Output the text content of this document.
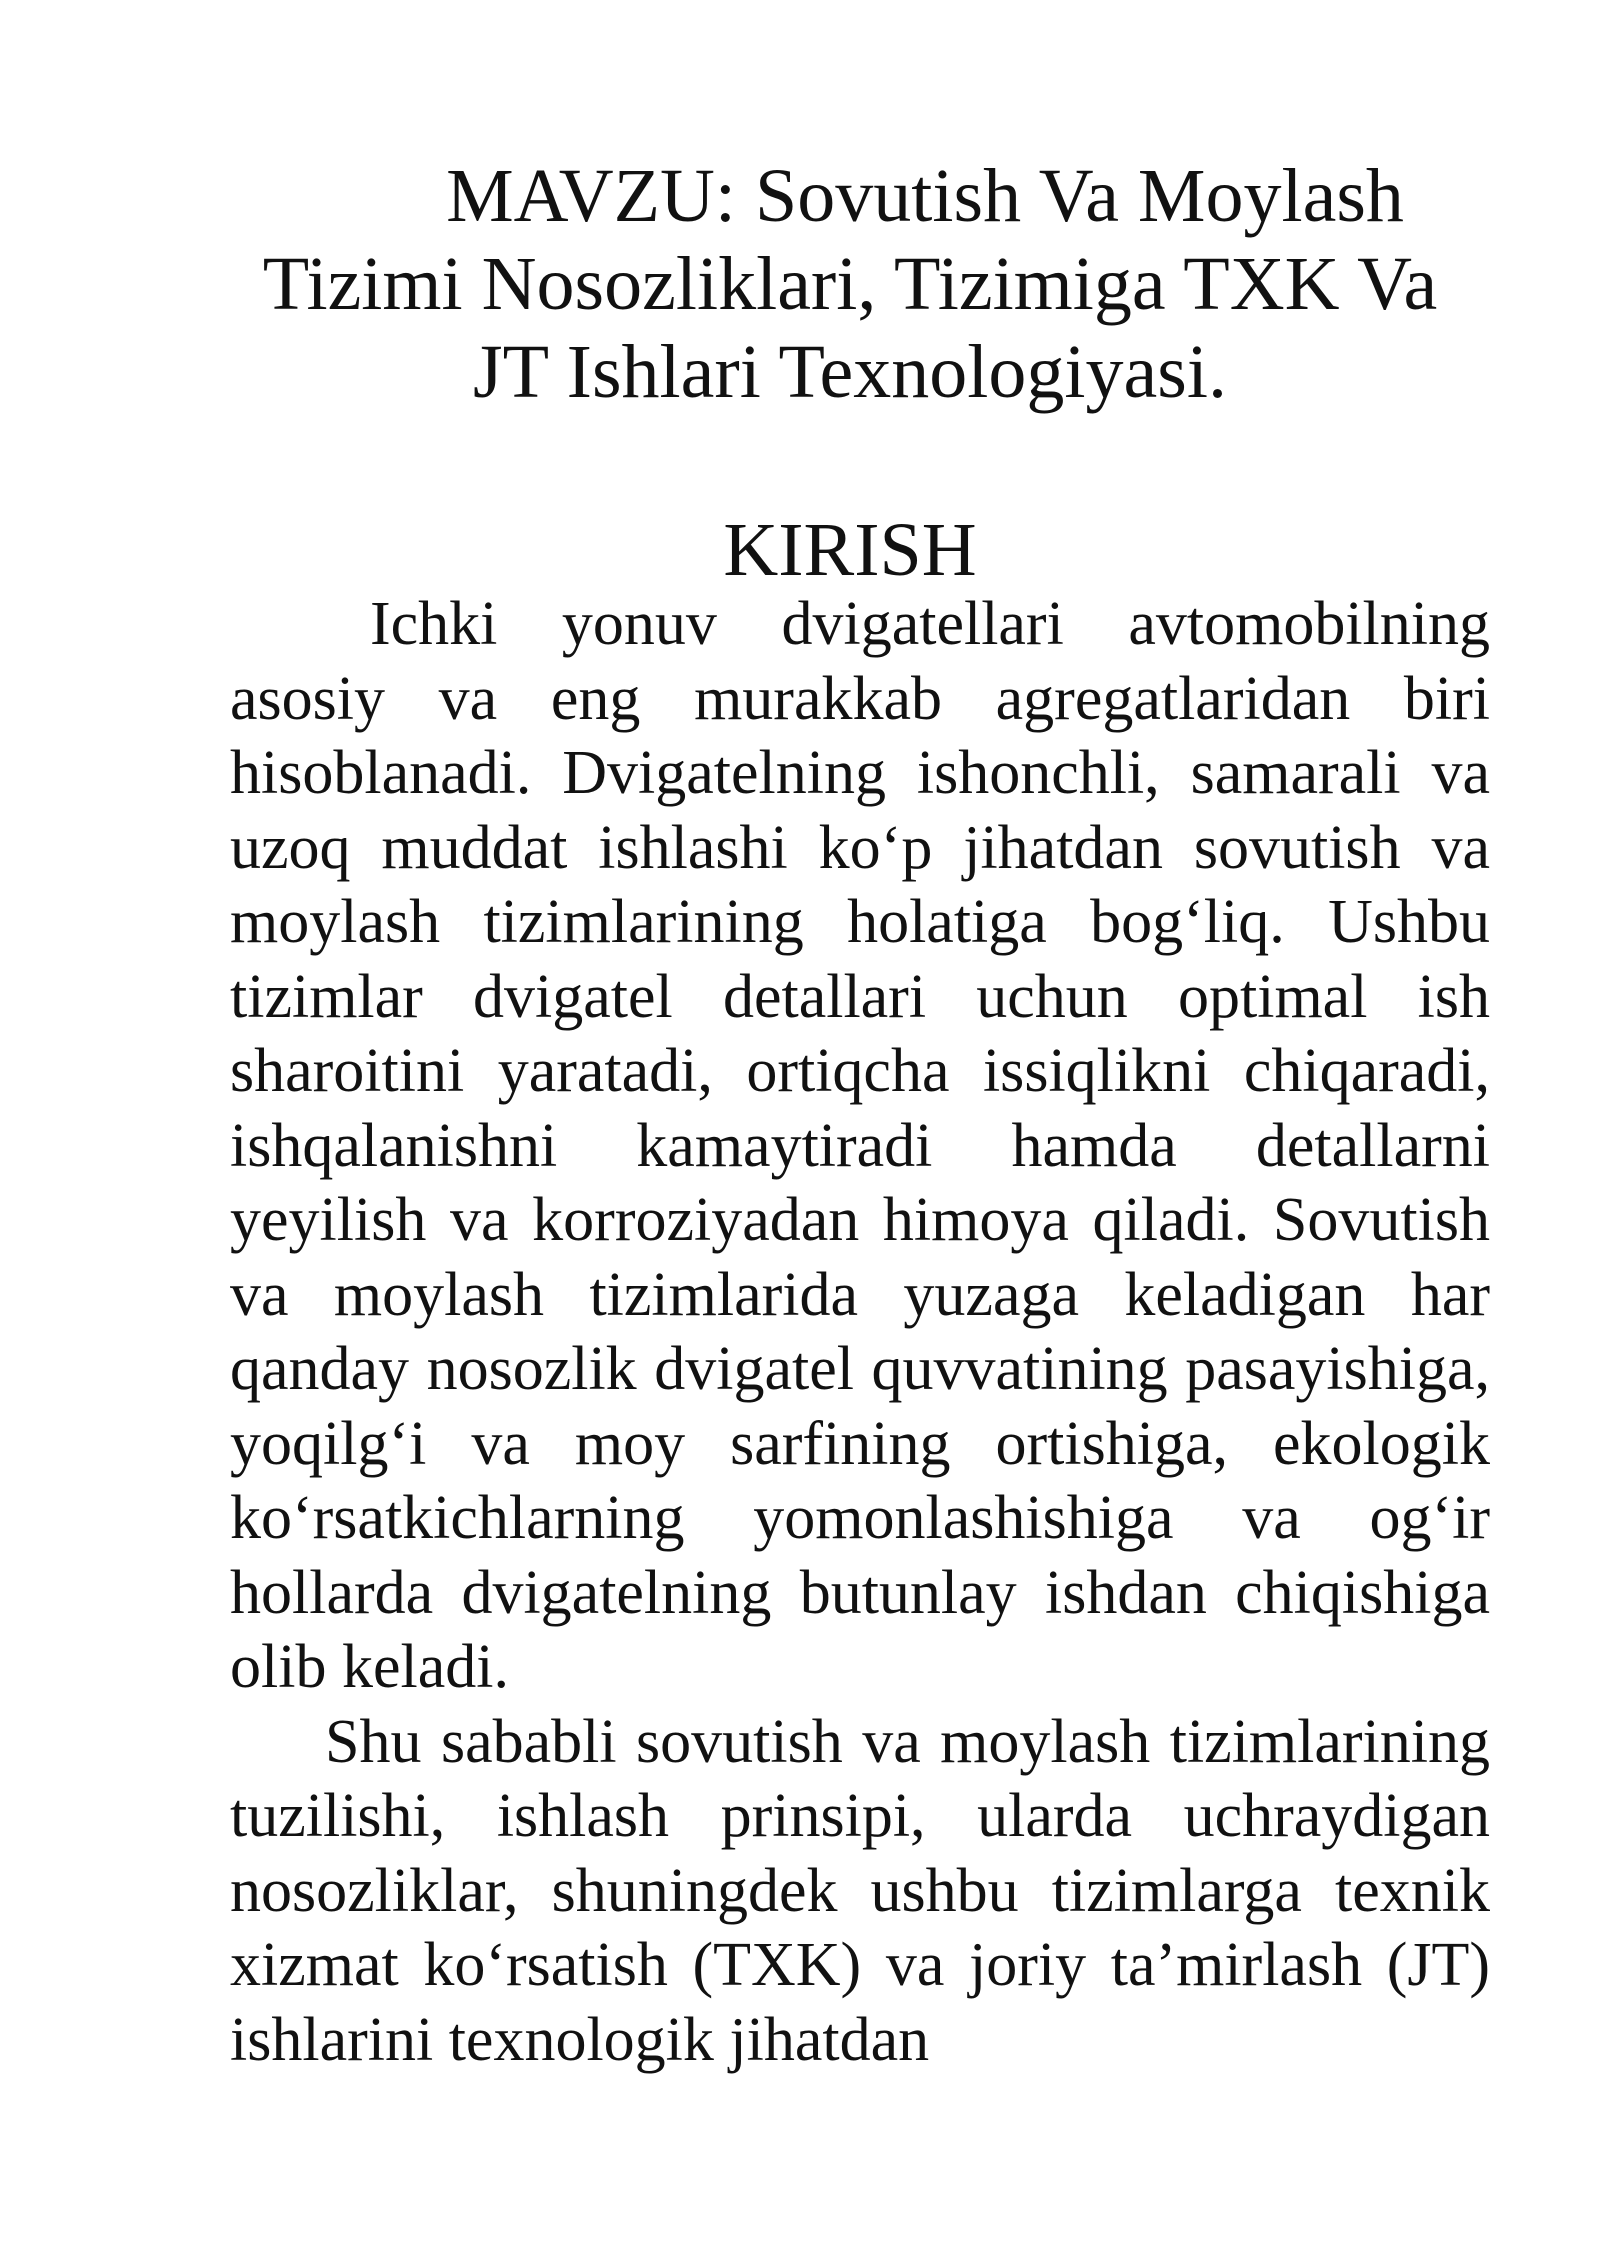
MAVZU: Sovutish Va Moylash
Tizimi Nosozliklari, Tizimiga TXK Va
JT Ishlari Texnologiyasi.
KIRISH

Ichki yonuv dvigatellari avtomobilning asosiy va eng murakkab agregatlaridan biri hisoblanadi. Dvigatelning ishonchli, samarali va uzoq muddat ishlashi ko‘p jihatdan sovutish va moylash tizimlarining holatiga bog‘liq. Ushbu tizimlar dvigatel detallari uchun optimal ish sharoitini yaratadi, ortiqcha issiqlikni chiqaradi, ishqalanishni kamaytiradi hamda detallarni yeyilish va korroziyadan himoya qiladi. Sovutish va moylash tizimlarida yuzaga keladigan har qanday nosozlik dvigatel quvvatining pasayishiga, yoqilg‘i va moy sarfining ortishiga, ekologik ko‘rsatkichlarning yomonlashishiga va og‘ir hollarda dvigatelning butunlay ishdan chiqishiga olib keladi.

Shu sababli sovutish va moylash tizimlarining tuzilishi, ishlash prinsipi, ularda uchraydigan nosozliklar, shuningdek ushbu tizimlarga texnik xizmat ko‘rsatish (TXK) va joriy ta’mirlash (JT) ishlarini texnologik jihatdan
